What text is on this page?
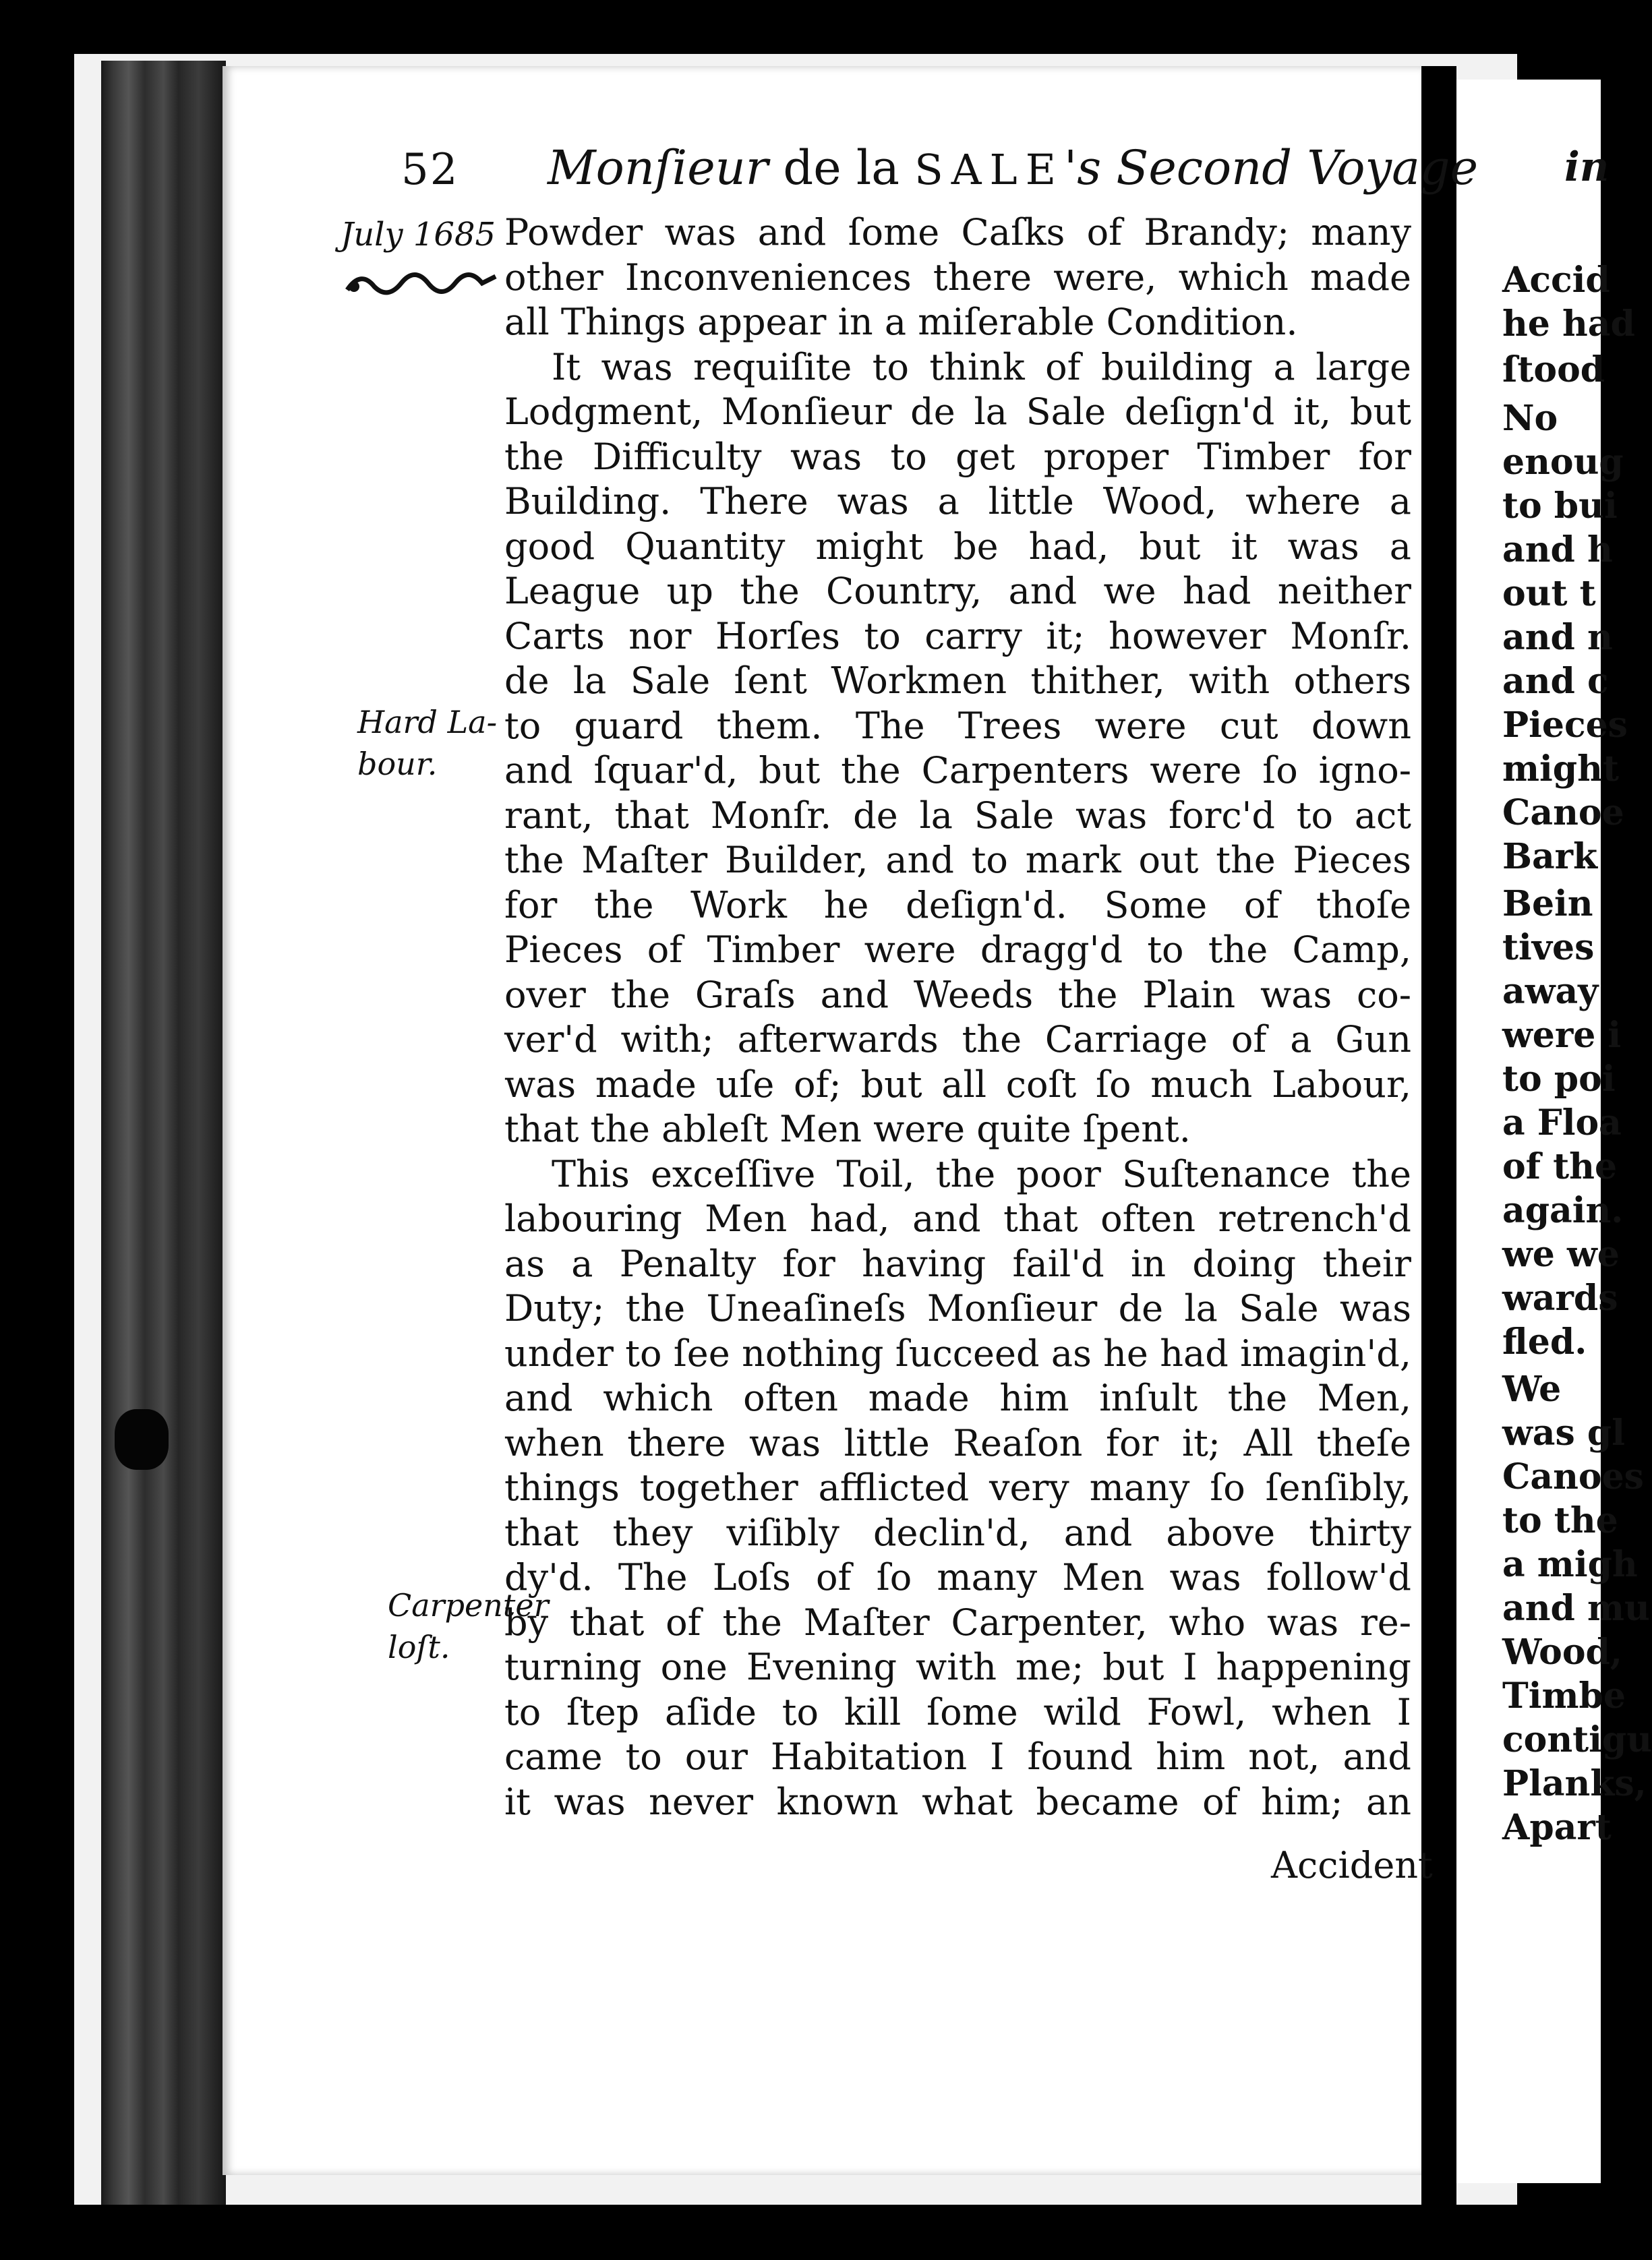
in
Accid
he had
ſtood
No
enoug
to bui
and h
out t
and n
and c
Pieces
might
Canoe
Bark
Bein
tives
away
were i
to poi
a Floa
of the
again.
we we
wards
fled.
We
was gl
Canoes
to the
a migh
and mu
Wood,
Timbe
contigu
Planks,
Apart
52 Monſieur de la SALE's Second Voyage
July 1685
Hard La-
bour.
Carpenter
loſt.
Powder was and ſome Caſks of Brandy; many
other Inconveniences there were, which made
all Things appear in a miſerable Condition.
It was requiſite to think of building a large
Lodgment, Monſieur de la Sale deſign'd it, but
the Difficulty was to get proper Timber for
Building. There was a little Wood, where a
good Quantity might be had, but it was a
League up the Country, and we had neither
Carts nor Horſes to carry it; however Monſr.
de la Sale ſent Workmen thither, with others
to guard them. The Trees were cut down
and ſquar'd, but the Carpenters were ſo igno-
rant, that Monſr. de la Sale was forc'd to act
the Maſter Builder, and to mark out the Pieces
for the Work he deſign'd. Some of thoſe
Pieces of Timber were dragg'd to the Camp,
over the Graſs and Weeds the Plain was co-
ver'd with; afterwards the Carriage of a Gun
was made uſe of; but all coſt ſo much Labour,
that the ableſt Men were quite ſpent.
This exceſſive Toil, the poor Suſtenance the
labouring Men had, and that often retrench'd
as a Penalty for having fail'd in doing their
Duty; the Uneaſineſs Monſieur de la Sale was
under to ſee nothing ſucceed as he had imagin'd,
and which often made him inſult the Men,
when there was little Reaſon for it; All theſe
things together afflicted very many ſo ſenſibly,
that they viſibly declin'd, and above thirty
dy'd. The Loſs of ſo many Men was follow'd
by that of the Maſter Carpenter, who was re-
turning one Evening with me; but I happening
to ſtep aſide to kill ſome wild Fowl, when I
came to our Habitation I found him not, and
it was never known what became of him; an
Accident
